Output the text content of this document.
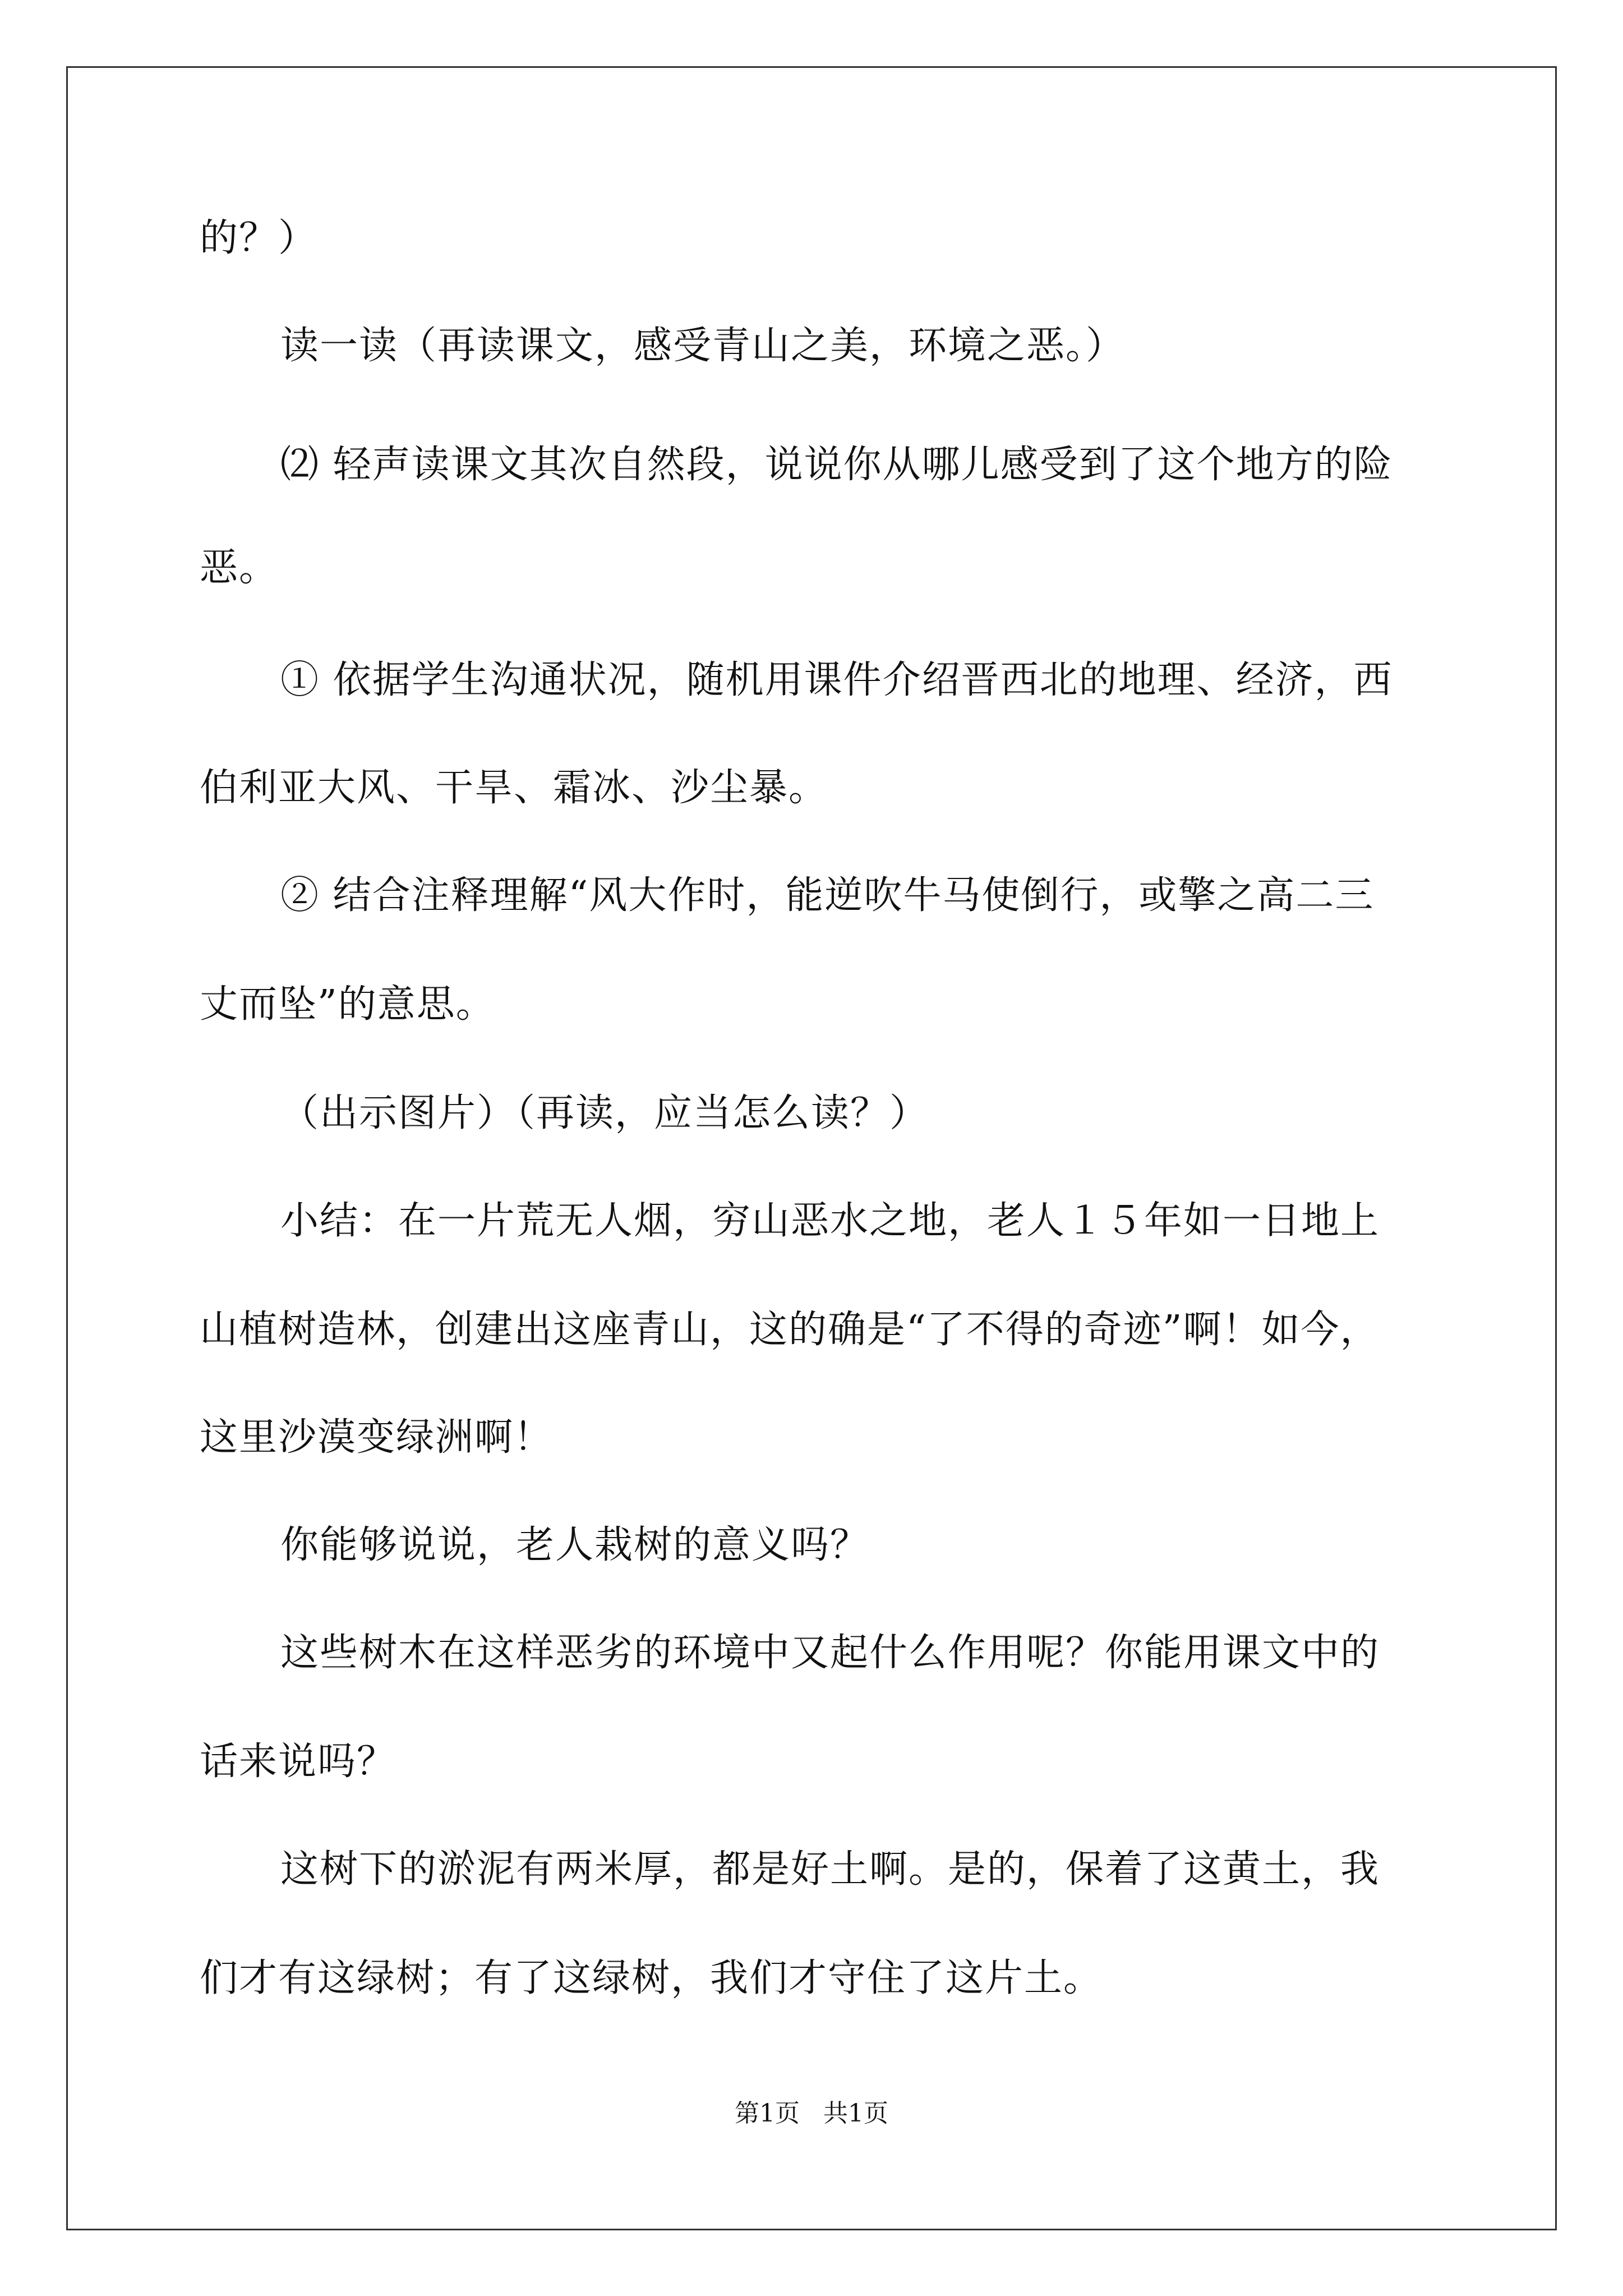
的？）
读一读（再读课文，感受青山之美，环境之恶。）
⑵ 轻声读课文其次自然段，说说你从哪儿感受到了这个地方的险
恶。
① 依据学生沟通状况，随机用课件介绍晋西北的地理、经济，西
伯利亚大风、干旱、霜冰、沙尘暴。
② 结合注释理解“风大作时，能逆吹牛马使倒行，或擎之高二三
丈而坠”的意思。
（出示图片）（再读，应当怎么读？）
小结：在一片荒无人烟，穷山恶水之地，老人１５年如一日地上
山植树造林，创建出这座青山，这的确是“了不得的奇迹”啊！如今，
这里沙漠变绿洲啊！
你能够说说，老人栽树的意义吗？
这些树木在这样恶劣的环境中又起什么作用呢？你能用课文中的
话来说吗？
这树下的淤泥有两米厚，都是好土啊。是的，保着了这黄土，我
们才有这绿树；有了这绿树，我们才守住了这片土。
第1页   共1页
